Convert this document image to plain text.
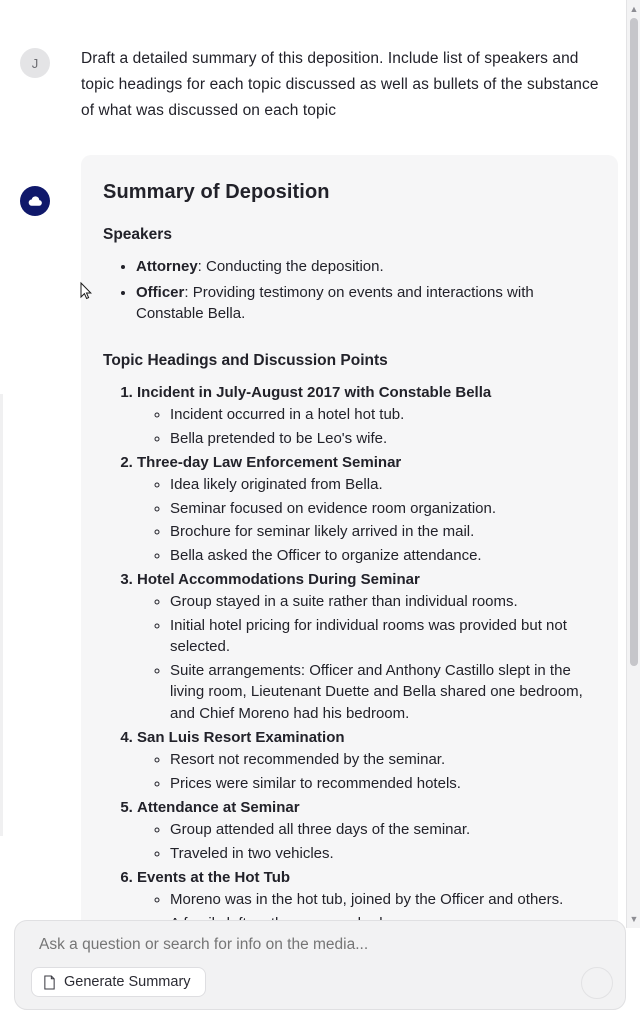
J	Draft a detailed summary of this deposition. Include list of speakers and topic headings for each topic discussed as well as bullets of the substance of what was discussed on each topic
Summary of Deposition
Speakers
• Attorney: Conducting the deposition.
• Officer: Providing testimony on events and interactions with Constable Bella.
Topic Headings and Discussion Points
1. Incident in July-August 2017 with Constable Bella
◦ Incident occurred in a hotel hot tub.
◦ Bella pretended to be Leo's wife.
2. Three-day Law Enforcement Seminar
◦ Idea likely originated from Bella.
◦ Seminar focused on evidence room organization.
◦ Brochure for seminar likely arrived in the mail.
◦ Bella asked the Officer to organize attendance.
3. Hotel Accommodations During Seminar
◦ Group stayed in a suite rather than individual rooms.
◦ Initial hotel pricing for individual rooms was provided but not selected.
◦ Suite arrangements: Officer and Anthony Castillo slept in the living room, Lieutenant Duette and Bella shared one bedroom, and Chief Moreno had his bedroom.
4. San Luis Resort Examination
◦ Resort not recommended by the seminar.
◦ Prices were similar to recommended hotels.
5. Attendance at Seminar
◦ Group attended all three days of the seminar.
◦ Traveled in two vehicles.
6. Events at the Hot Tub
◦ Moreno was in the hot tub, joined by the Officer and others.
◦
◦
▲
▼
Ask a question or search for info on the media...
Generate Summary
